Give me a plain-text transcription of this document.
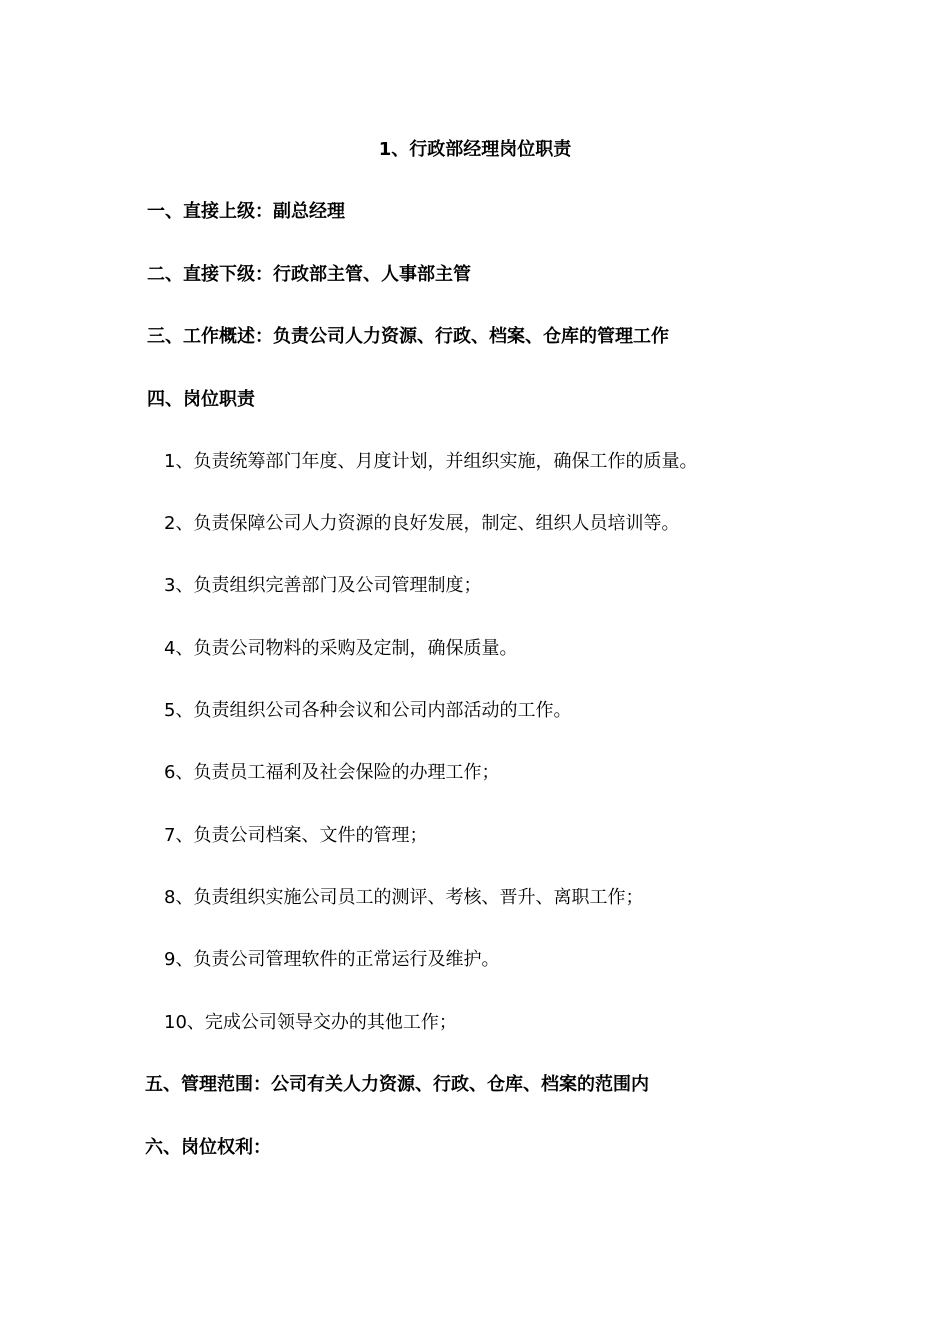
1、行政部经理岗位职责
一、直接上级：副总经理
二、直接下级：行政部主管、人事部主管
三、工作概述：负责公司人力资源、行政、档案、仓库的管理工作
四、岗位职责
1、负责统筹部门年度、月度计划，并组织实施，确保工作的质量。
2、负责保障公司人力资源的良好发展，制定、组织人员培训等。
3、负责组织完善部门及公司管理制度；
4、负责公司物料的采购及定制，确保质量。
5、负责组织公司各种会议和公司内部活动的工作。
6、负责员工福利及社会保险的办理工作；
7、负责公司档案、文件的管理；
8、负责组织实施公司员工的测评、考核、晋升、离职工作；
9、负责公司管理软件的正常运行及维护。
10、完成公司领导交办的其他工作；
五、管理范围：公司有关人力资源、行政、仓库、档案的范围内
六、岗位权利：
